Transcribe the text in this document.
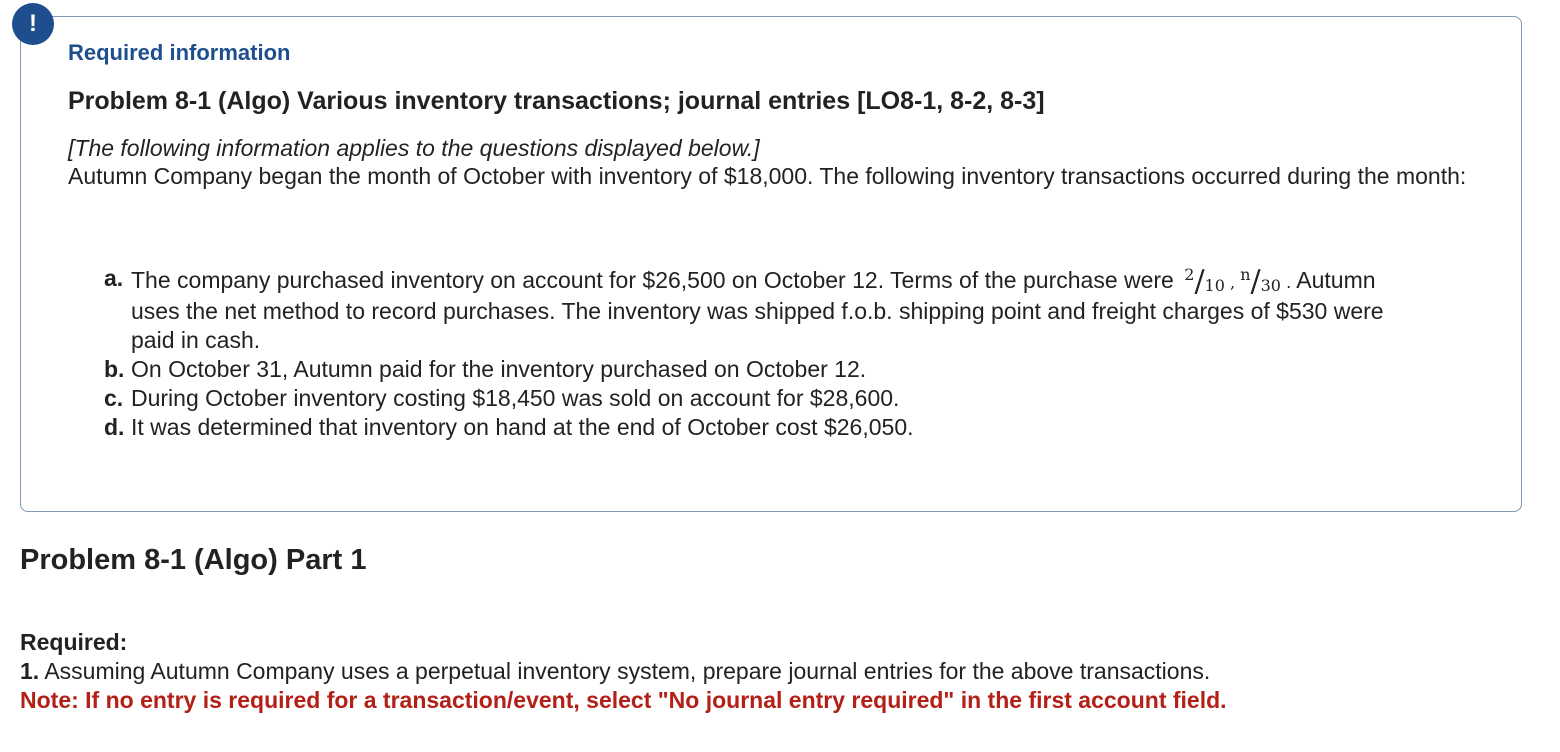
!
Required information
Problem 8-1 (Algo) Various inventory transactions; journal entries [LO8-1, 8-2, 8-3]
[The following information applies to the questions displayed below.]
Autumn Company began the month of October with inventory of $18,000. The following inventory transactions occurred during the month:
a. The company purchased inventory on account for $26,500 on October 12. Terms of the purchase were 2/10 , n/30 . Autumn uses the net method to record purchases. The inventory was shipped f.o.b. shipping point and freight charges of $530 were paid in cash.
b. On October 31, Autumn paid for the inventory purchased on October 12.
c. During October inventory costing $18,450 was sold on account for $28,600.
d. It was determined that inventory on hand at the end of October cost $26,050.
Problem 8-1 (Algo) Part 1
Required:
1. Assuming Autumn Company uses a perpetual inventory system, prepare journal entries for the above transactions.
Note: If no entry is required for a transaction/event, select "No journal entry required" in the first account field.
